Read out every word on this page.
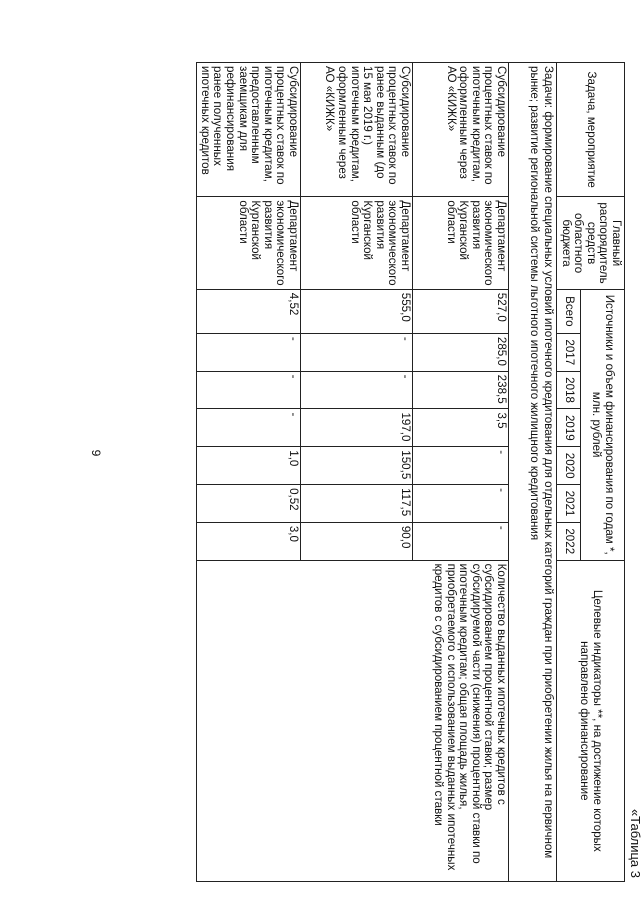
9
«Таблица 3
Задача, мероприятие	Главный распорядитель средств областного бюджета	Источники и объем финансирования по годам *, млн. рублей							Целевые индикаторы **, на достижение которых направлено финансирование
		Всего	2017	2018	2019	2020	2021	2022	
Задачи: формирование специальных условий ипотечного кредитования для отдельных категорий граждан при приобретении жилья на первичном рынке; развитие региональной системы льготного ипотечного жилищного кредитования									
Субсидирование процентных ставок по ипотечным кредитам, оформленным через АО «КИЖК»	Департамент экономического развития Курганской области	527,0	285,0	238,5	3,5	-	-	-	Количество выданных ипотечных кредитов с субсидированием процентной ставки; размер субсидируемой части (снижения) процентной ставки по ипотечным кредитам; общая площадь жилья, приобретаемого с использованием выданных ипотечных кредитов с субсидированием процентной ставки
Субсидирование процентных ставок по ранее выданным (до 15 мая 2019 г.) ипотечным кредитам, оформленным через АО «КИЖК»	Департамент экономического развития Курганской области	555,0	-	-	197,0	150,5	117,5	90,0	
Субсидирование процентных ставок по ипотечным кредитам, предоставленным заемщикам для рефинансирования ранее полученных ипотечных кредитов	Департамент экономического развития Курганской области	4,52	-	-	-	1,0	0,52	3,0	
